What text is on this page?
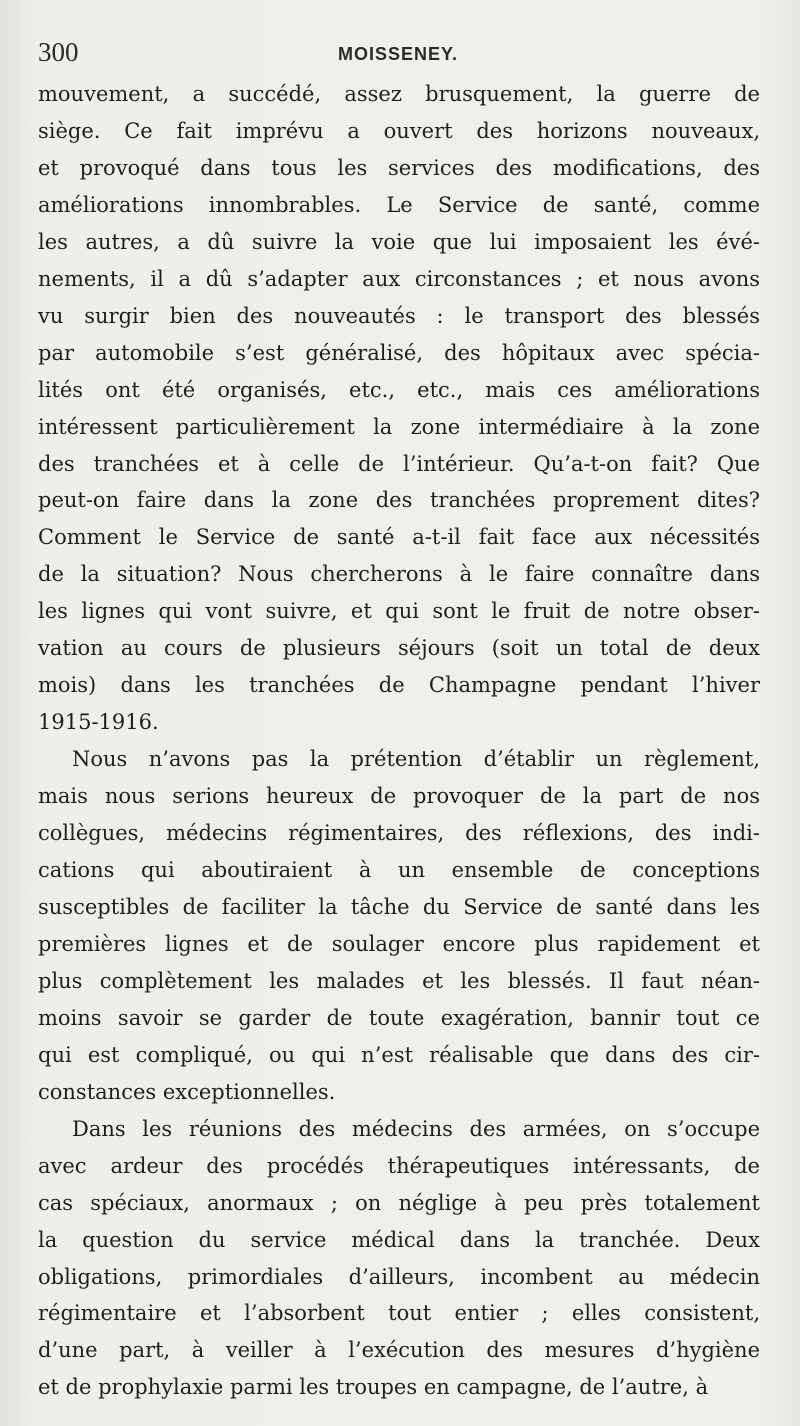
300	MOISSENEY.
mouvement, a succédé, assez brusquement, la guerre de
siège. Ce fait imprévu a ouvert des horizons nouveaux,
et provoqué dans tous les services des modifications, des
améliorations innombrables. Le Service de santé, comme
les autres, a dû suivre la voie que lui imposaient les évé-
nements, il a dû s’adapter aux circonstances ; et nous avons
vu surgir bien des nouveautés : le transport des blessés
par automobile s’est généralisé, des hôpitaux avec spécia-
lités ont été organisés, etc., etc., mais ces améliorations
intéressent particulièrement la zone intermédiaire à la zone
des tranchées et à celle de l’intérieur. Qu’a-t-on fait? Que
peut-on faire dans la zone des tranchées proprement dites?
Comment le Service de santé a-t-il fait face aux nécessités
de la situation? Nous chercherons à le faire connaître dans
les lignes qui vont suivre, et qui sont le fruit de notre obser-
vation au cours de plusieurs séjours (soit un total de deux
mois) dans les tranchées de Champagne pendant l’hiver
1915-1916.
Nous n’avons pas la prétention d’établir un règlement,
mais nous serions heureux de provoquer de la part de nos
collègues, médecins régimentaires, des réflexions, des indi-
cations qui aboutiraient à un ensemble de conceptions
susceptibles de faciliter la tâche du Service de santé dans les
premières lignes et de soulager encore plus rapidement et
plus complètement les malades et les blessés. Il faut néan-
moins savoir se garder de toute exagération, bannir tout ce
qui est compliqué, ou qui n’est réalisable que dans des cir-
constances exceptionnelles.
Dans les réunions des médecins des armées, on s’occupe
avec ardeur des procédés thérapeutiques intéressants, de
cas spéciaux, anormaux ; on néglige à peu près totalement
la question du service médical dans la tranchée. Deux
obligations, primordiales d’ailleurs, incombent au médecin
régimentaire et l’absorbent tout entier ; elles consistent,
d’une part, à veiller à l’exécution des mesures d’hygiène
et de prophylaxie parmi les troupes en campagne, de l’autre, à
